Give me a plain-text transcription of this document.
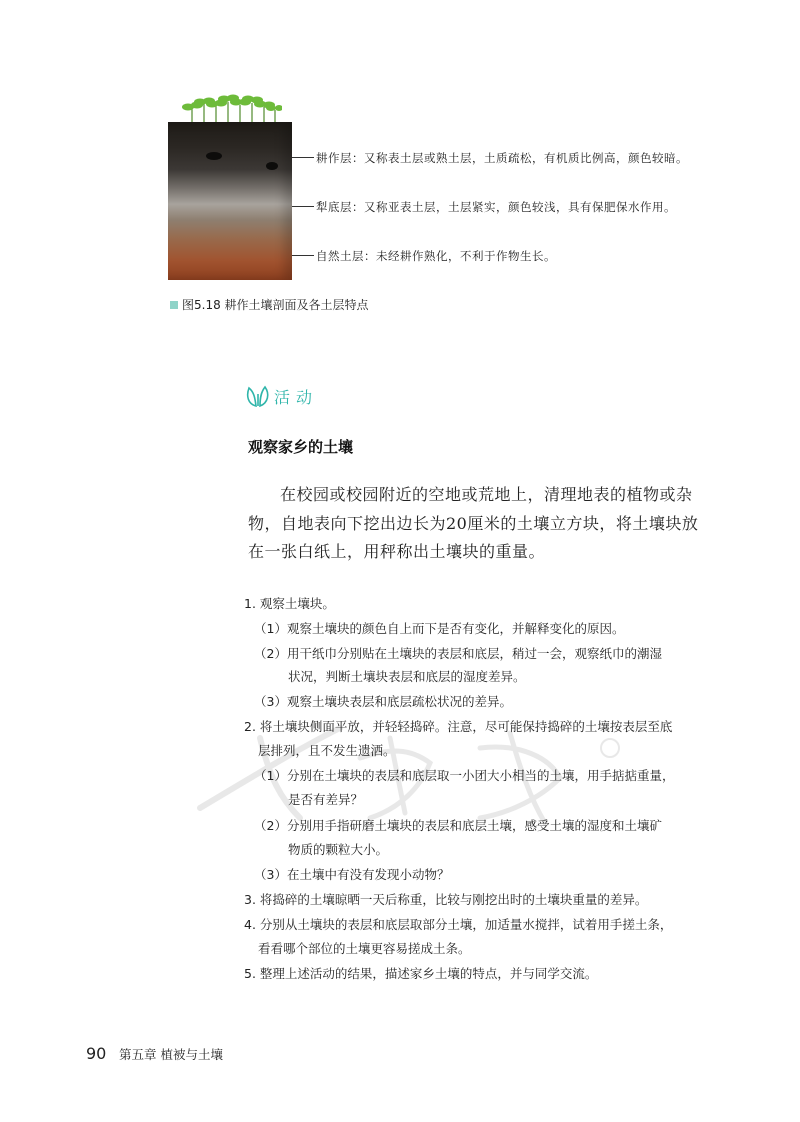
耕作层：又称表土层或熟土层，土质疏松，有机质比例高，颜色较暗。
犁底层：又称亚表土层，土层紧实，颜色较浅，具有保肥保水作用。
自然土层：未经耕作熟化，不利于作物生长。
图5.18 耕作土壤剖面及各土层特点
活动
观察家乡的土壤
在校园或校园附近的空地或荒地上，清理地表的植物或杂物，自地表向下挖出边长为20厘米的土壤立方块，将土壤块放在一张白纸上，用秤称出土壤块的重量。
1. 观察土壤块。
（1）观察土壤块的颜色自上而下是否有变化，并解释变化的原因。
（2）用干纸巾分别贴在土壤块的表层和底层，稍过一会，观察纸巾的潮湿
状况，判断土壤块表层和底层的湿度差异。
（3）观察土壤块表层和底层疏松状况的差异。
2. 将土壤块侧面平放，并轻轻捣碎。注意，尽可能保持捣碎的土壤按表层至底
层排列，且不发生遗洒。
（1）分别在土壤块的表层和底层取一小团大小相当的土壤，用手掂掂重量，
是否有差异？
（2）分别用手指研磨土壤块的表层和底层土壤，感受土壤的湿度和土壤矿
物质的颗粒大小。
（3）在土壤中有没有发现小动物？
3. 将捣碎的土壤晾晒一天后称重，比较与刚挖出时的土壤块重量的差异。
4. 分别从土壤块的表层和底层取部分土壤，加适量水搅拌，试着用手搓土条，
看看哪个部位的土壤更容易搓成土条。
5. 整理上述活动的结果，描述家乡土壤的特点，并与同学交流。
90 第五章 植被与土壤
